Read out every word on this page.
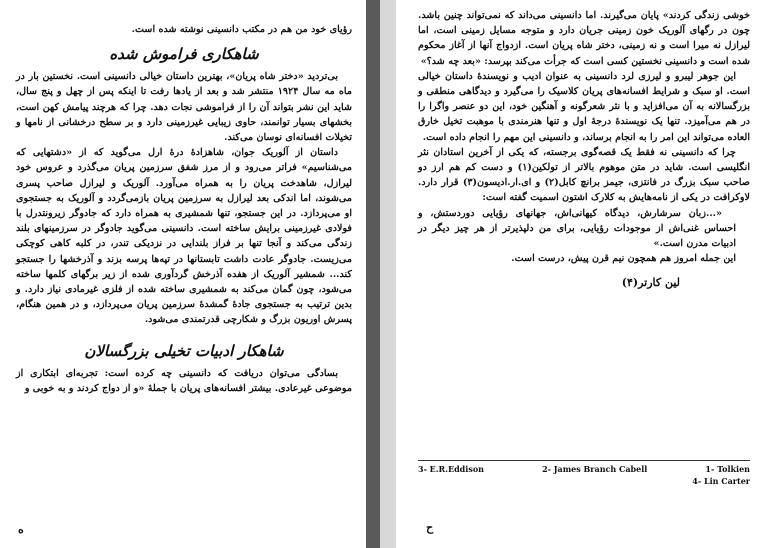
رؤیای خود من هم در مکتب دانسینی نوشته شده است.

شاهکاری فراموش شده

بی‌تردید «دختر شاه پریان»، بهترین داستان خیالی دانسینی است. نخستین بار در ماه مه سال ۱۹۲۴ منتشر شد و بعد از یادها رفت تا اینکه پس از چهل و پنج سال، شاید این نشر بتواند آن را از فراموشی نجات دهد. چرا که هرچند پیامش کهن است، بخشهای بسیار توانمند، حاوی زیبایی غیرزمینی دارد و بر سطح درخشانی از نامها و تخیلات افسانه‌ای نوسان می‌کند.

داستان از آلوریک جوان، شاهزادۀ درۀ ارل می‌گوید که از «دشتهایی که می‌شناسیم» فراتر می‌رود و از مرز شفق سرزمین پریان می‌گذرد و عروس خود لیرازل، شاهدخت پریان را به همراه می‌آورد. آلوریک و لیرازل صاحب پسری می‌شوند، اما اندکی بعد لیرازل به سرزمین پریان بازمی‌گردد و آلوریک به جستجوی او می‌پردازد. در این جستجو، تنها شمشیری به همراه دارد که جادوگر زیرونتدرل با فولادی غیرزمینی برایش ساخته است. دانسینی می‌گوید جادوگر در سرزمینهای بلند زندگی می‌کند و آنجا تنها بر فراز بلندایی در نزدیکی تندر، در کلبه کاهی کوچکی می‌زیست. جادوگر عادت داشت تابستانها در تپه‌ها پرسه بزند و آذرخشها را جستجو کند... شمشیر آلوریک از هفده آذرخش گردآوری شده از زیر برگهای کلمها ساخته می‌شود، چون گمان می‌کند به شمشیری ساخته شده از فلزی غیرمادی نیاز دارد. و بدین ترتیب به جستجوی جادۀ گمشدۀ سرزمین پریان می‌پردازد، و در همین هنگام، پسرش اوریون بزرگ و شکارچی قدرتمندی می‌شود.

شاهکار ادبیات تخیلی بزرگسالان

بسادگی می‌توان دریافت که دانسینی چه کرده است: تجربه‌ای ابتکاری از موضوعی غیرعادی. بیشتر افسانه‌های پریان با جملۀ «و از دواج کردند و به خوبی و

ه

خوشی زندگی کردند» پایان می‌گیرند. اما دانسینی می‌داند که نمی‌تواند چنین باشد. چون در رگهای آلوریک خون زمینی جریان دارد و متوجه مسایل زمینی است، اما لیرازل نه میرا است و نه زمینی، دختر شاه پریان است. ازدواج آنها از آغاز محکوم شده است و دانسینی نخستین کسی است که جرأت می‌کند بپرسد: «بعد چه شد؟»

این جوهر لیبرو و لیرزی لرد دانسینی به عنوان ادیب و نویسندۀ داستان خیالی است. او سبک و شرایط افسانه‌های پریان کلاسیک را می‌گیرد و دیدگاهی منطقی و بزرگسالانه به آن می‌افزاید و با نثر شعرگونه و آهنگین خود، این دو عنصر واگرا را در هم می‌آمیزد. تنها یک نویسندۀ درجۀ اول و تنها هنرمندی با موهبت تخیل خارق العاده می‌تواند این امر را به انجام برساند، و دانسینی این مهم را انجام داده است.

چرا که دانسینی نه فقط یک قصه‌گوی برجسته، که یکی از آخرین استادان نثر انگلیسی است. شاید در متن موهوم بالاتر از تولکین(۱) و دست کم هم ارز دو صاحب سبک بزرگ در فانتزی، جیمز برانچ کابل(۲) و ای.ار.ادیسون(۳) قرار دارد. لاوکرافت در یکی از نامه‌هایش به کلارک اشتون اسمیت گفته است:

«...زبان سرشارش، دیدگاه کیهانی‌اش، جهانهای رؤیایی دوردستش، و احساس غنی‌اش از موجودات رؤیایی، برای من دلپذیرتر از هر چیز دیگر در ادبیات مدرن است.»

این جمله امروز هم همچون نیم قرن پیش، درست است.

لین کارتر(۴)
3- E.R.Eddison	2- James Branch Cabell	1- Tolkien
4- Lin Carter
ح
